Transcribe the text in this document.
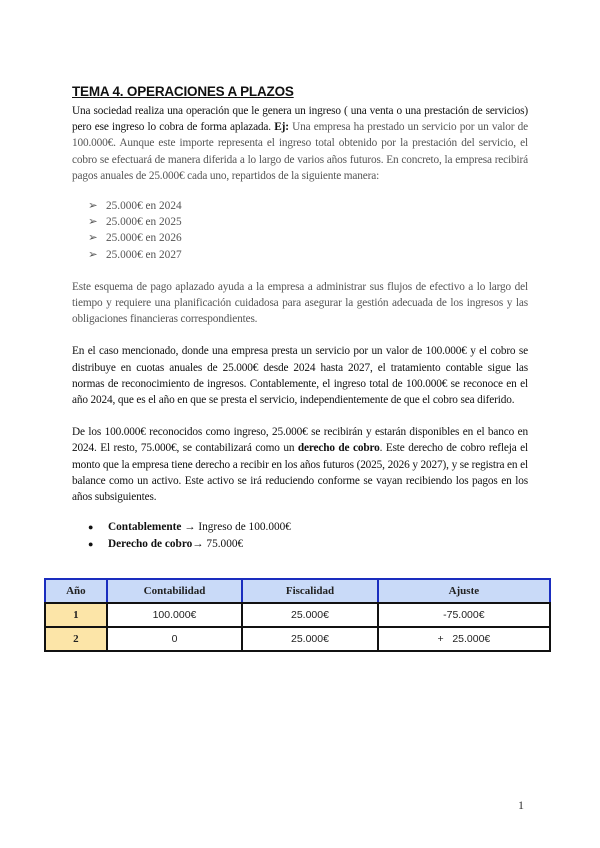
TEMA 4. OPERACIONES A PLAZOS

Una sociedad realiza una operación que le genera un ingreso ( una venta o una prestación de servicios) pero ese ingreso lo cobra de forma aplazada. Ej: Una empresa ha prestado un servicio por un valor de 100.000€. Aunque este importe representa el ingreso total obtenido por la prestación del servicio, el cobro se efectuará de manera diferida a lo largo de varios años futuros. En concreto, la empresa recibirá pagos anuales de 25.000€ cada uno, repartidos de la siguiente manera:

➢ 25.000€ en 2024
➢ 25.000€ en 2025
➢ 25.000€ en 2026
➢ 25.000€ en 2027

Este esquema de pago aplazado ayuda a la empresa a administrar sus flujos de efectivo a lo largo del tiempo y requiere una planificación cuidadosa para asegurar la gestión adecuada de los ingresos y las obligaciones financieras correspondientes.

En el caso mencionado, donde una empresa presta un servicio por un valor de 100.000€ y el cobro se distribuye en cuotas anuales de 25.000€ desde 2024 hasta 2027, el tratamiento contable sigue las normas de reconocimiento de ingresos. Contablemente, el ingreso total de 100.000€ se reconoce en el año 2024, que es el año en que se presta el servicio, independientemente de que el cobro sea diferido.

De los 100.000€ reconocidos como ingreso, 25.000€ se recibirán y estarán disponibles en el banco en 2024. El resto, 75.000€, se contabilizará como un derecho de cobro. Este derecho de cobro refleja el monto que la empresa tiene derecho a recibir en los años futuros (2025, 2026 y 2027), y se registra en el balance como un activo. Este activo se irá reduciendo conforme se vayan recibiendo los pagos en los años subsiguientes.

● Contablemente → Ingreso de 100.000€
● Derecho de cobro→ 75.000€
Año	Contabilidad	Fiscalidad	Ajuste
1	100.000€	25.000€	-75.000€
2	0	25.000€	+   25.000€
1
